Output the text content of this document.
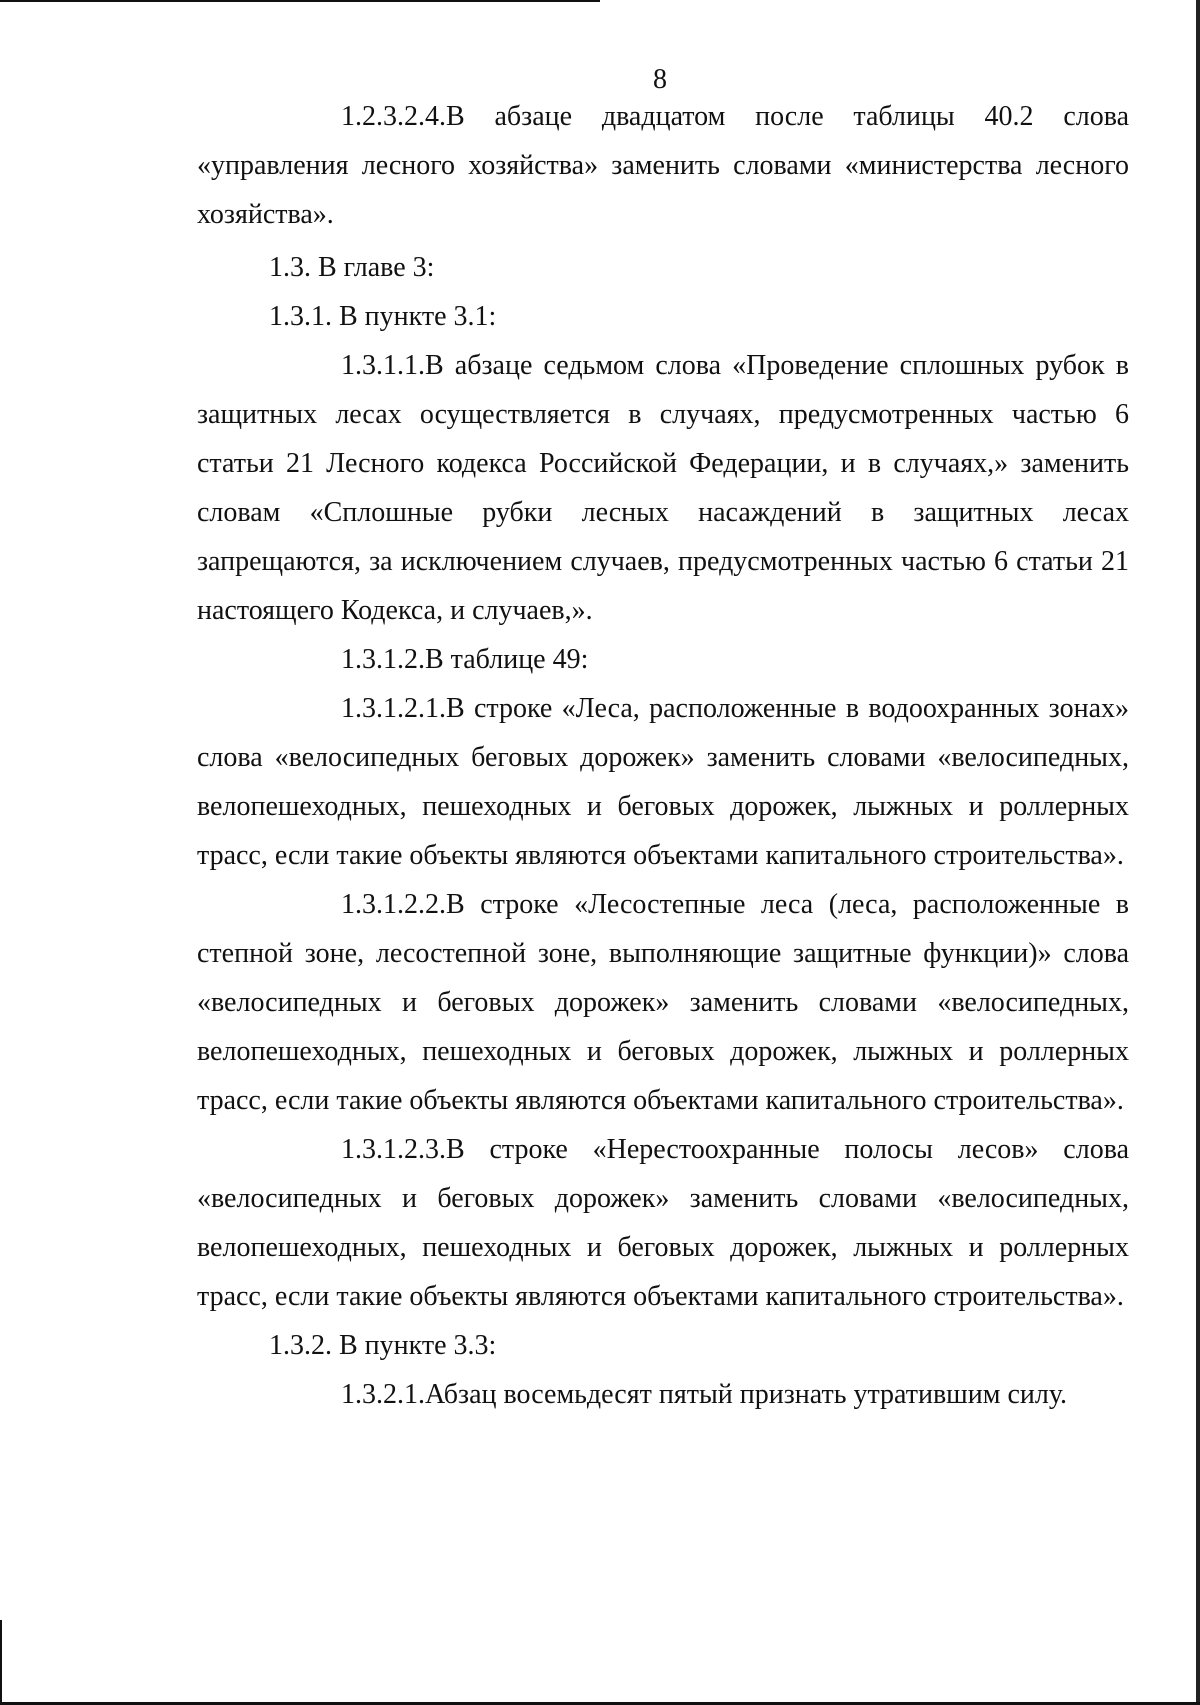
8

1.2.3.2.4.В абзаце двадцатом после таблицы 40.2 слова «управления лесного хозяйства» заменить словами «министерства лесного хозяйства».

1.3. В главе 3:

1.3.1. В пункте 3.1:

1.3.1.1.В абзаце седьмом слова «Проведение сплошных рубок в защитных лесах осуществляется в случаях, предусмотренных частью 6 статьи 21 Лесного кодекса Российской Федерации, и в случаях,» заменить словам «Сплошные рубки лесных насаждений в защитных лесах запрещаются, за исключением случаев, предусмотренных частью 6 статьи 21 настоящего Кодекса, и случаев,».

1.3.1.2.В таблице 49:

1.3.1.2.1.В строке «Леса, расположенные в водоохранных зонах» слова «велосипедных беговых дорожек» заменить словами «велосипедных, велопешеходных, пешеходных и беговых дорожек, лыжных и роллерных трасс, если такие объекты являются объектами капитального строительства».

1.3.1.2.2.В строке «Лесостепные леса (леса, расположенные в степной зоне, лесостепной зоне, выполняющие защитные функции)» слова «велосипедных и беговых дорожек» заменить словами «велосипедных, велопешеходных, пешеходных и беговых дорожек, лыжных и роллерных трасс, если такие объекты являются объектами капитального строительства».

1.3.1.2.3.В строке «Нерестоохранные полосы лесов» слова «велосипедных и беговых дорожек» заменить словами «велосипедных, велопешеходных, пешеходных и беговых дорожек, лыжных и роллерных трасс, если такие объекты являются объектами капитального строительства».

1.3.2. В пункте 3.3:

1.3.2.1.Абзац восемьдесят пятый признать утратившим силу.
